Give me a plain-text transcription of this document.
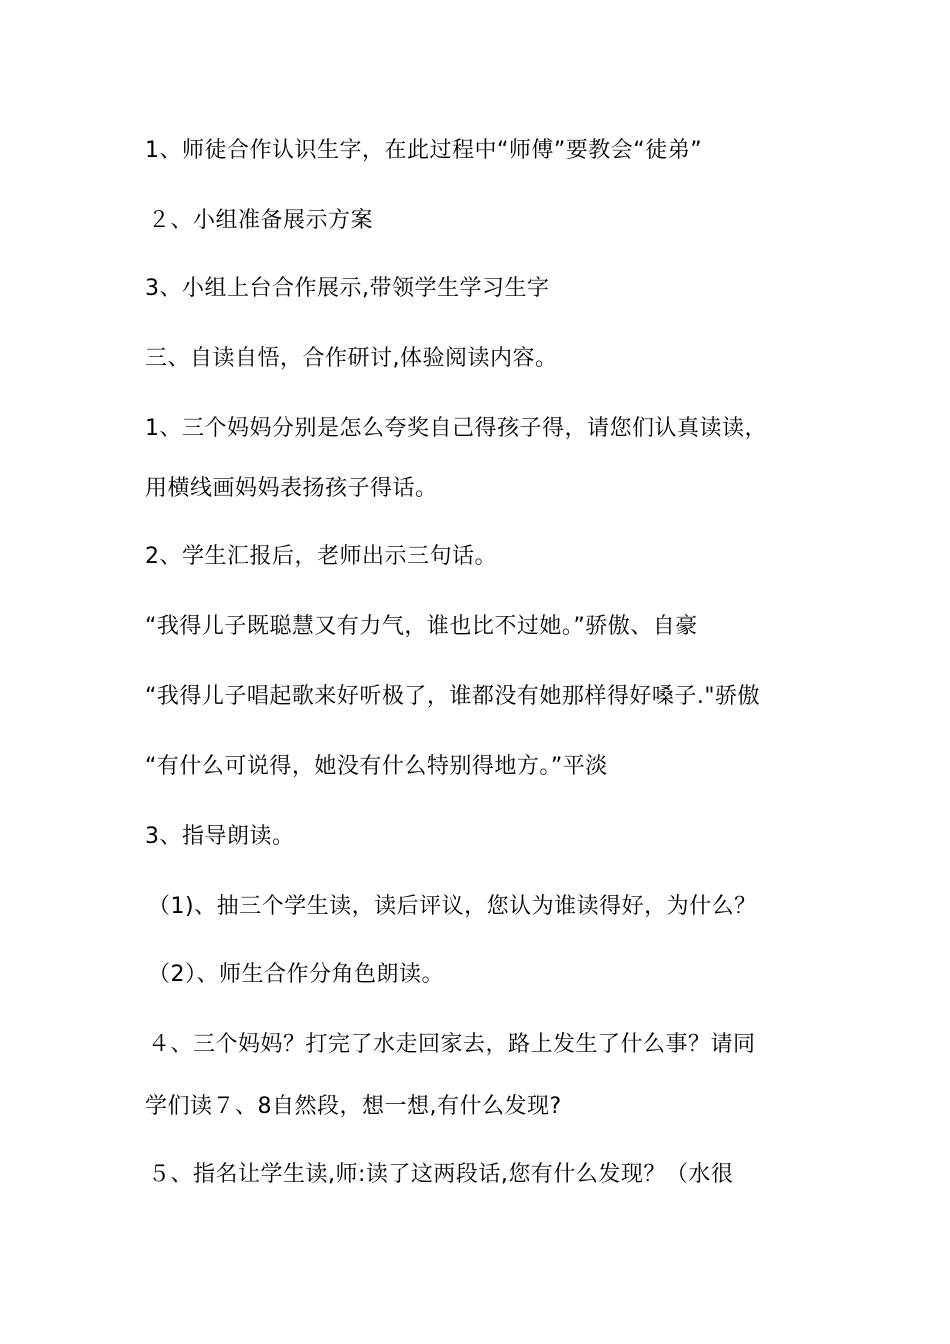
1、师徒合作认识生字，在此过程中“师傅”要教会“徒弟”
２、小组准备展示方案
3、小组上台合作展示,带领学生学习生字
三、自读自悟，合作研讨,体验阅读内容。
1、三个妈妈分别是怎么夸奖自己得孩子得，请您们认真读读，
用横线画妈妈表扬孩子得话。
2、学生汇报后，老师出示三句话。
“我得儿子既聪慧又有力气，谁也比不过她。”骄傲、自豪
“我得儿子唱起歌来好听极了，谁都没有她那样得好嗓子."骄傲
“有什么可说得，她没有什么特别得地方。”平淡
3、指导朗读。
（1)、抽三个学生读，读后评议，您认为谁读得好，为什么？
（2）、师生合作分角色朗读。
４、三个妈妈？打完了水走回家去，路上发生了什么事？请同
学们读７、8自然段，想一想,有什么发现?
５、指名让学生读,师:读了这两段话,您有什么发现？（水很
